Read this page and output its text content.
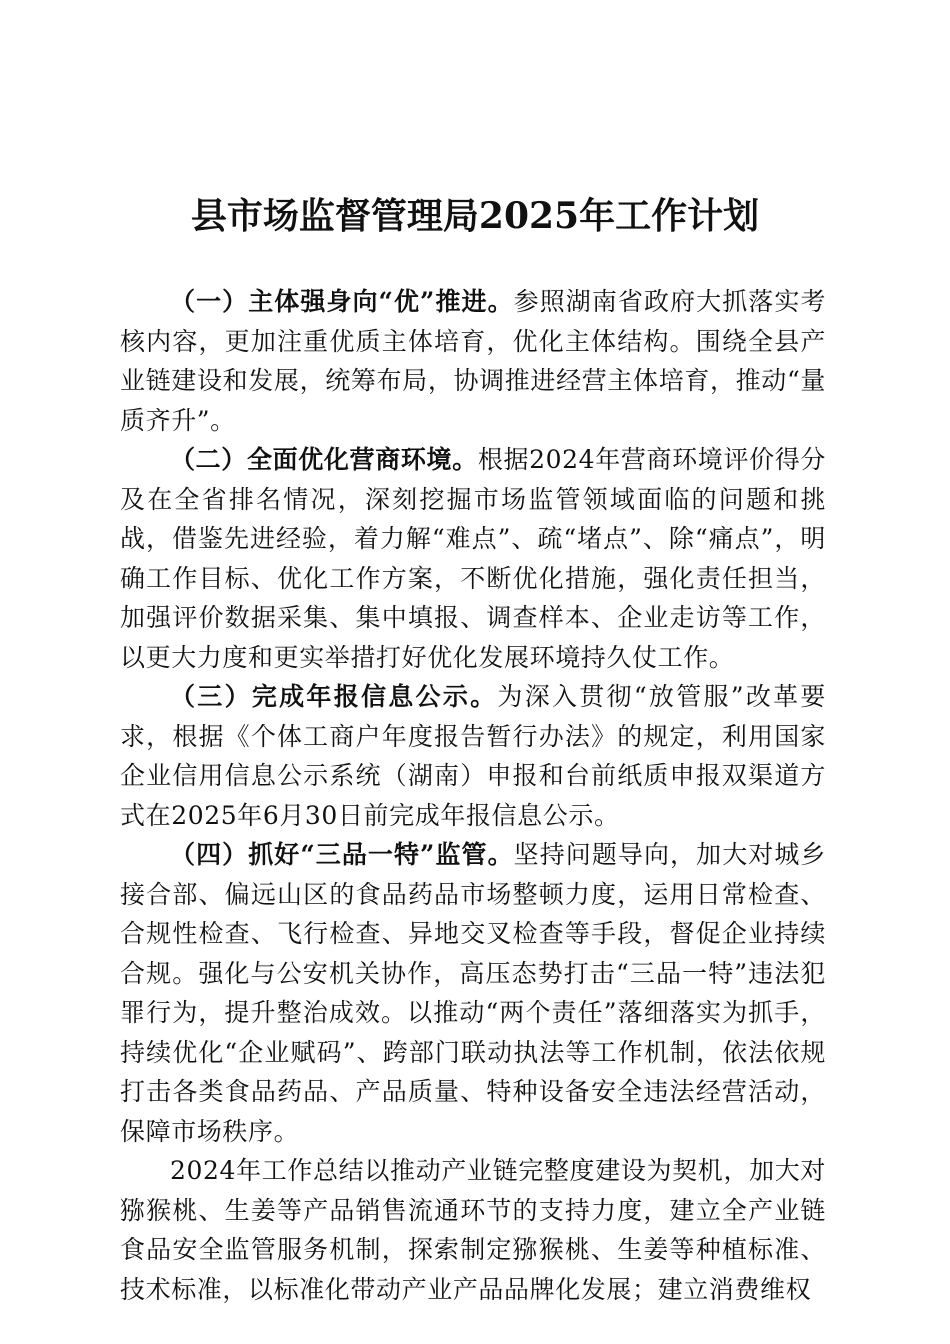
县市场监督管理局2025年工作计划

（一）主体强身向“优”推进。参照湖南省政府大抓落实考核内容，更加注重优质主体培育，优化主体结构。围绕全县产业链建设和发展，统筹布局，协调推进经营主体培育，推动“量质齐升”。

（二）全面优化营商环境。根据2024年营商环境评价得分及在全省排名情况，深刻挖掘市场监管领域面临的问题和挑战，借鉴先进经验，着力解“难点”、疏“堵点”、除“痛点”，明确工作目标、优化工作方案，不断优化措施，强化责任担当，加强评价数据采集、集中填报、调查样本、企业走访等工作，以更大力度和更实举措打好优化发展环境持久仗工作。

（三）完成年报信息公示。为深入贯彻“放管服”改革要求，根据《个体工商户年度报告暂行办法》的规定，利用国家企业信用信息公示系统（湖南）申报和台前纸质申报双渠道方式在2025年6月30日前完成年报信息公示。

（四）抓好“三品一特”监管。坚持问题导向，加大对城乡接合部、偏远山区的食品药品市场整顿力度，运用日常检查、合规性检查、飞行检查、异地交叉检查等手段，督促企业持续合规。强化与公安机关协作，高压态势打击“三品一特”违法犯罪行为，提升整治成效。以推动“两个责任”落细落实为抓手，持续优化“企业赋码”、跨部门联动执法等工作机制，依法依规打击各类食品药品、产品质量、特种设备安全违法经营活动，保障市场秩序。

2024年工作总结以推动产业链完整度建设为契机，加大对猕猴桃、生姜等产品销售流通环节的支持力度，建立全产业链食品安全监管服务机制，探索制定猕猴桃、生姜等种植标准、技术标准，以标准化带动产业产品品牌化发展；建立消费维权
